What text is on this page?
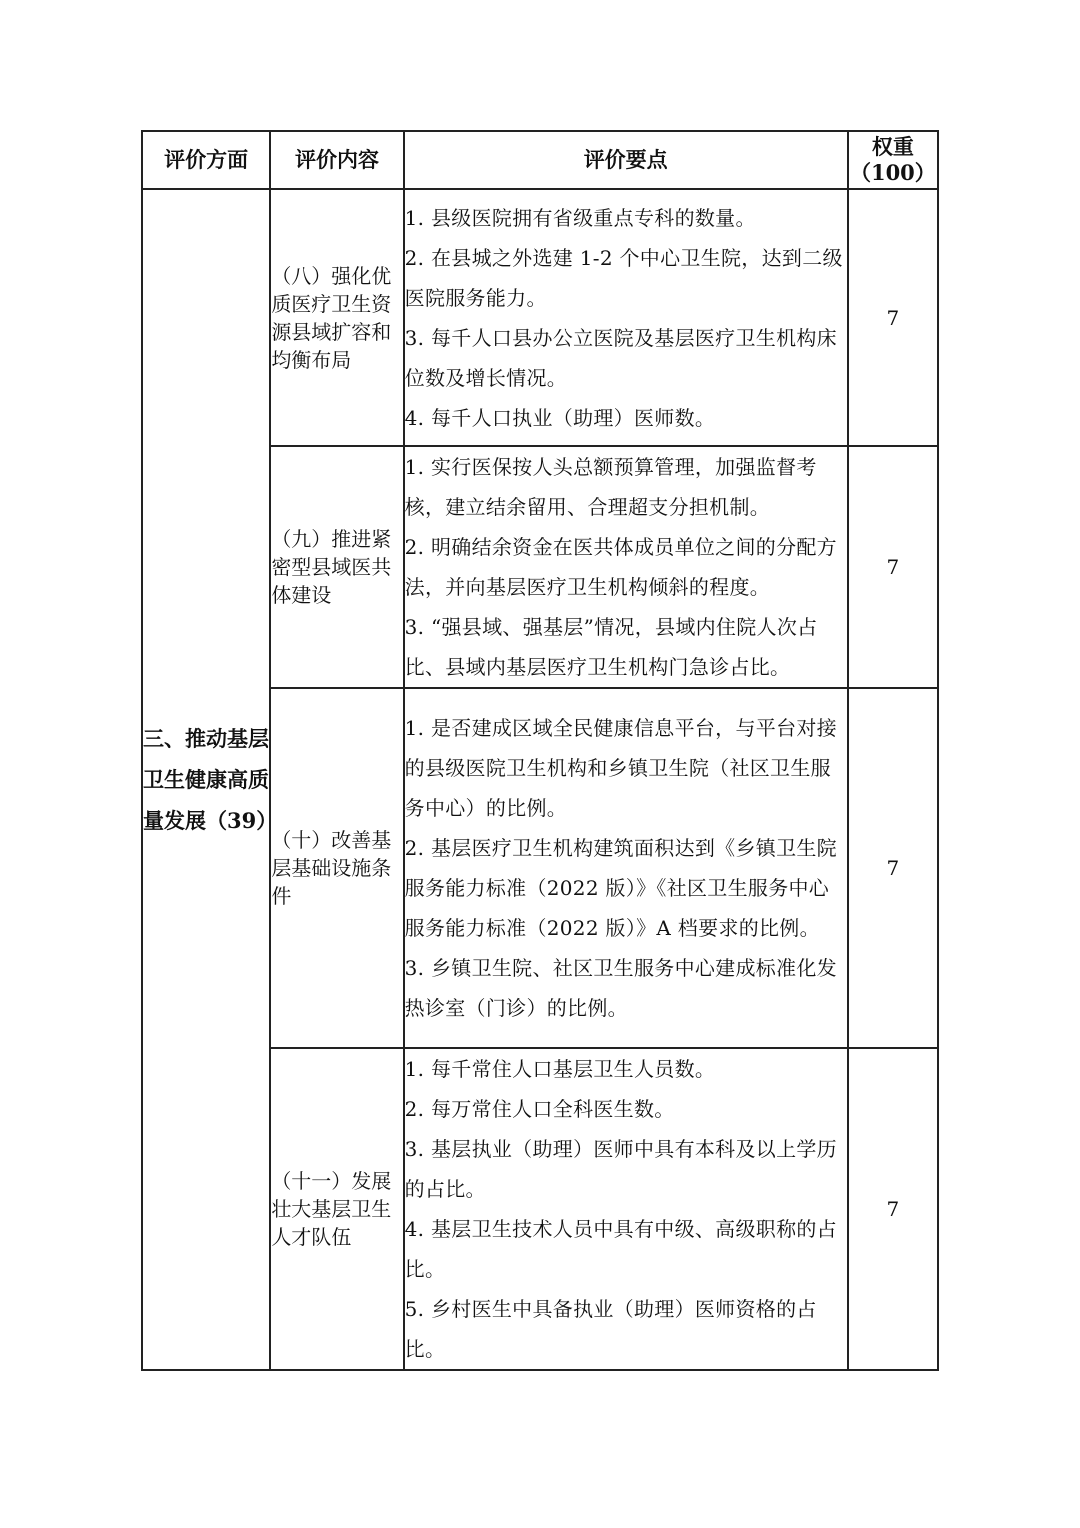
评价方面	评价内容	评价要点	权重
（100）

三、推动基层卫生健康高质量发展（39）	（八）强化优质医疗卫生资源县域扩容和均衡布局	1. 县级医院拥有省级重点专科的数量。
2. 在县城之外选建 1-2 个中心卫生院，达到二级医院服务能力。
3. 每千人口县办公立医院及基层医疗卫生机构床位数及增长情况。
4. 每千人口执业（助理）医师数。	7
	（九）推进紧密型县域医共体建设	1. 实行医保按人头总额预算管理，加强监督考核，建立结余留用、合理超支分担机制。
2. 明确结余资金在医共体成员单位之间的分配方法，并向基层医疗卫生机构倾斜的程度。
3. “强县域、强基层”情况，县域内住院人次占比、县域内基层医疗卫生机构门急诊占比。	7
	（十）改善基层基础设施条件	1. 是否建成区域全民健康信息平台，与平台对接的县级医院卫生机构和乡镇卫生院（社区卫生服务中心）的比例。
2. 基层医疗卫生机构建筑面积达到《乡镇卫生院服务能力标准（2022 版）》《社区卫生服务中心服务能力标准（2022 版）》A 档要求的比例。
3. 乡镇卫生院、社区卫生服务中心建成标准化发热诊室（门诊）的比例。	7
	（十一）发展壮大基层卫生人才队伍	1. 每千常住人口基层卫生人员数。
2. 每万常住人口全科医生数。
3. 基层执业（助理）医师中具有本科及以上学历的占比。
4. 基层卫生技术人员中具有中级、高级职称的占比。
5. 乡村医生中具备执业（助理）医师资格的占比。	7
